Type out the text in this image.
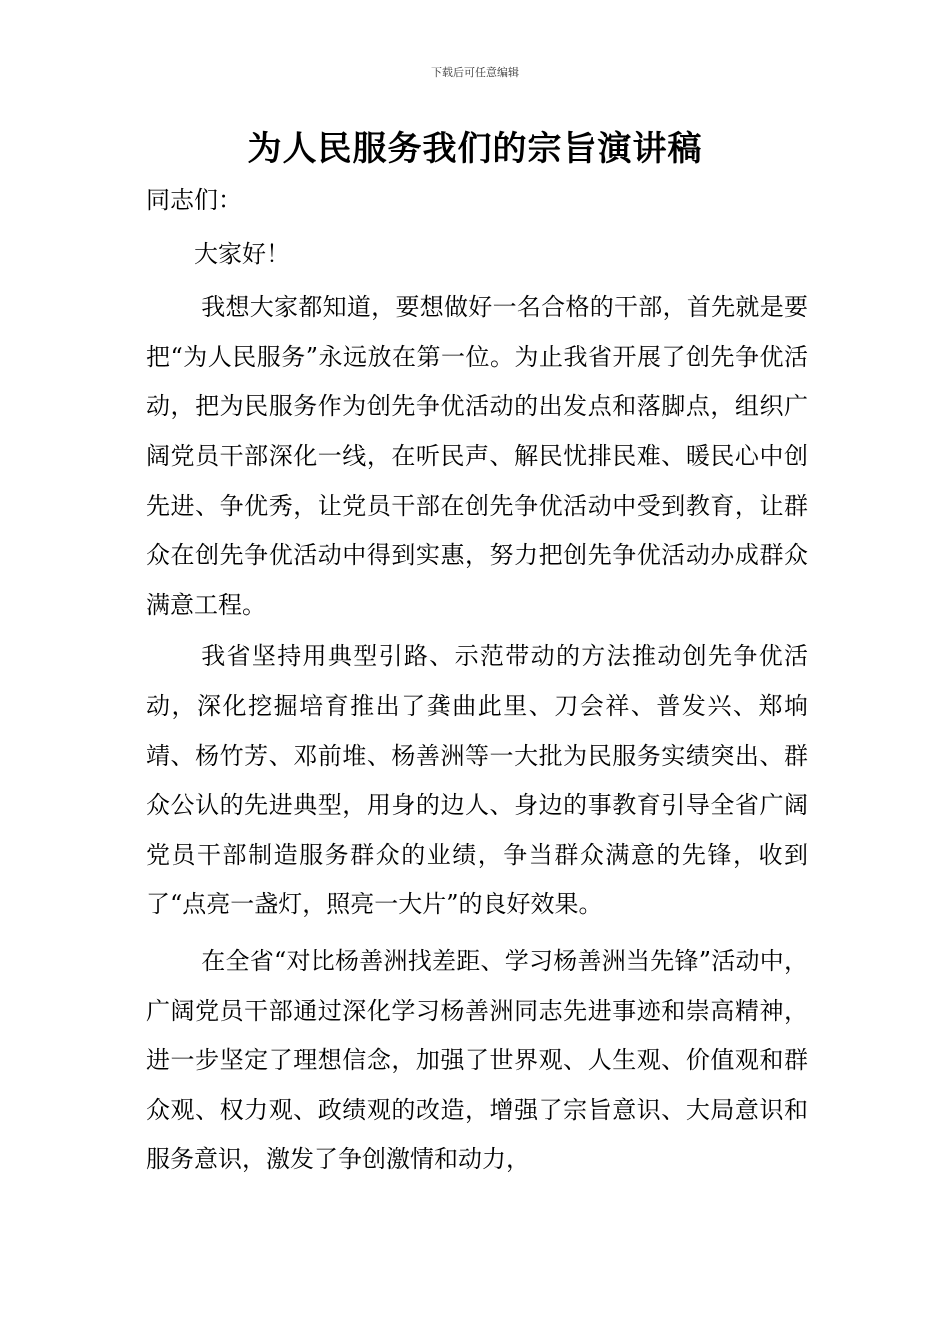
下载后可任意编辑
为人民服务我们的宗旨演讲稿

同志们：

大家好！

我想大家都知道，要想做好一名合格的干部，首先就是要把“为人民服务”永远放在第一位。为止我省开展了创先争优活动，把为民服务作为创先争优活动的出发点和落脚点，组织广阔党员干部深化一线，在听民声、解民忧排民难、暖民心中创先进、争优秀，让党员干部在创先争优活动中受到教育，让群众在创先争优活动中得到实惠，努力把创先争优活动办成群众满意工程。

我省坚持用典型引路、示范带动的方法推动创先争优活动，深化挖掘培育推出了龚曲此里、刀会祥、普发兴、郑垧靖、杨竹芳、邓前堆、杨善洲等一大批为民服务实绩突出、群众公认的先进典型，用身的边人、身边的事教育引导全省广阔党员干部制造服务群众的业绩，争当群众满意的先锋，收到了“点亮一盏灯，照亮一大片”的良好效果。

在全省“对比杨善洲找差距、学习杨善洲当先锋”活动中，广阔党员干部通过深化学习杨善洲同志先进事迹和崇高精神，进一步坚定了理想信念，加强了世界观、人生观、价值观和群众观、权力观、政绩观的改造，增强了宗旨意识、大局意识和服务意识，激发了争创激情和动力，
